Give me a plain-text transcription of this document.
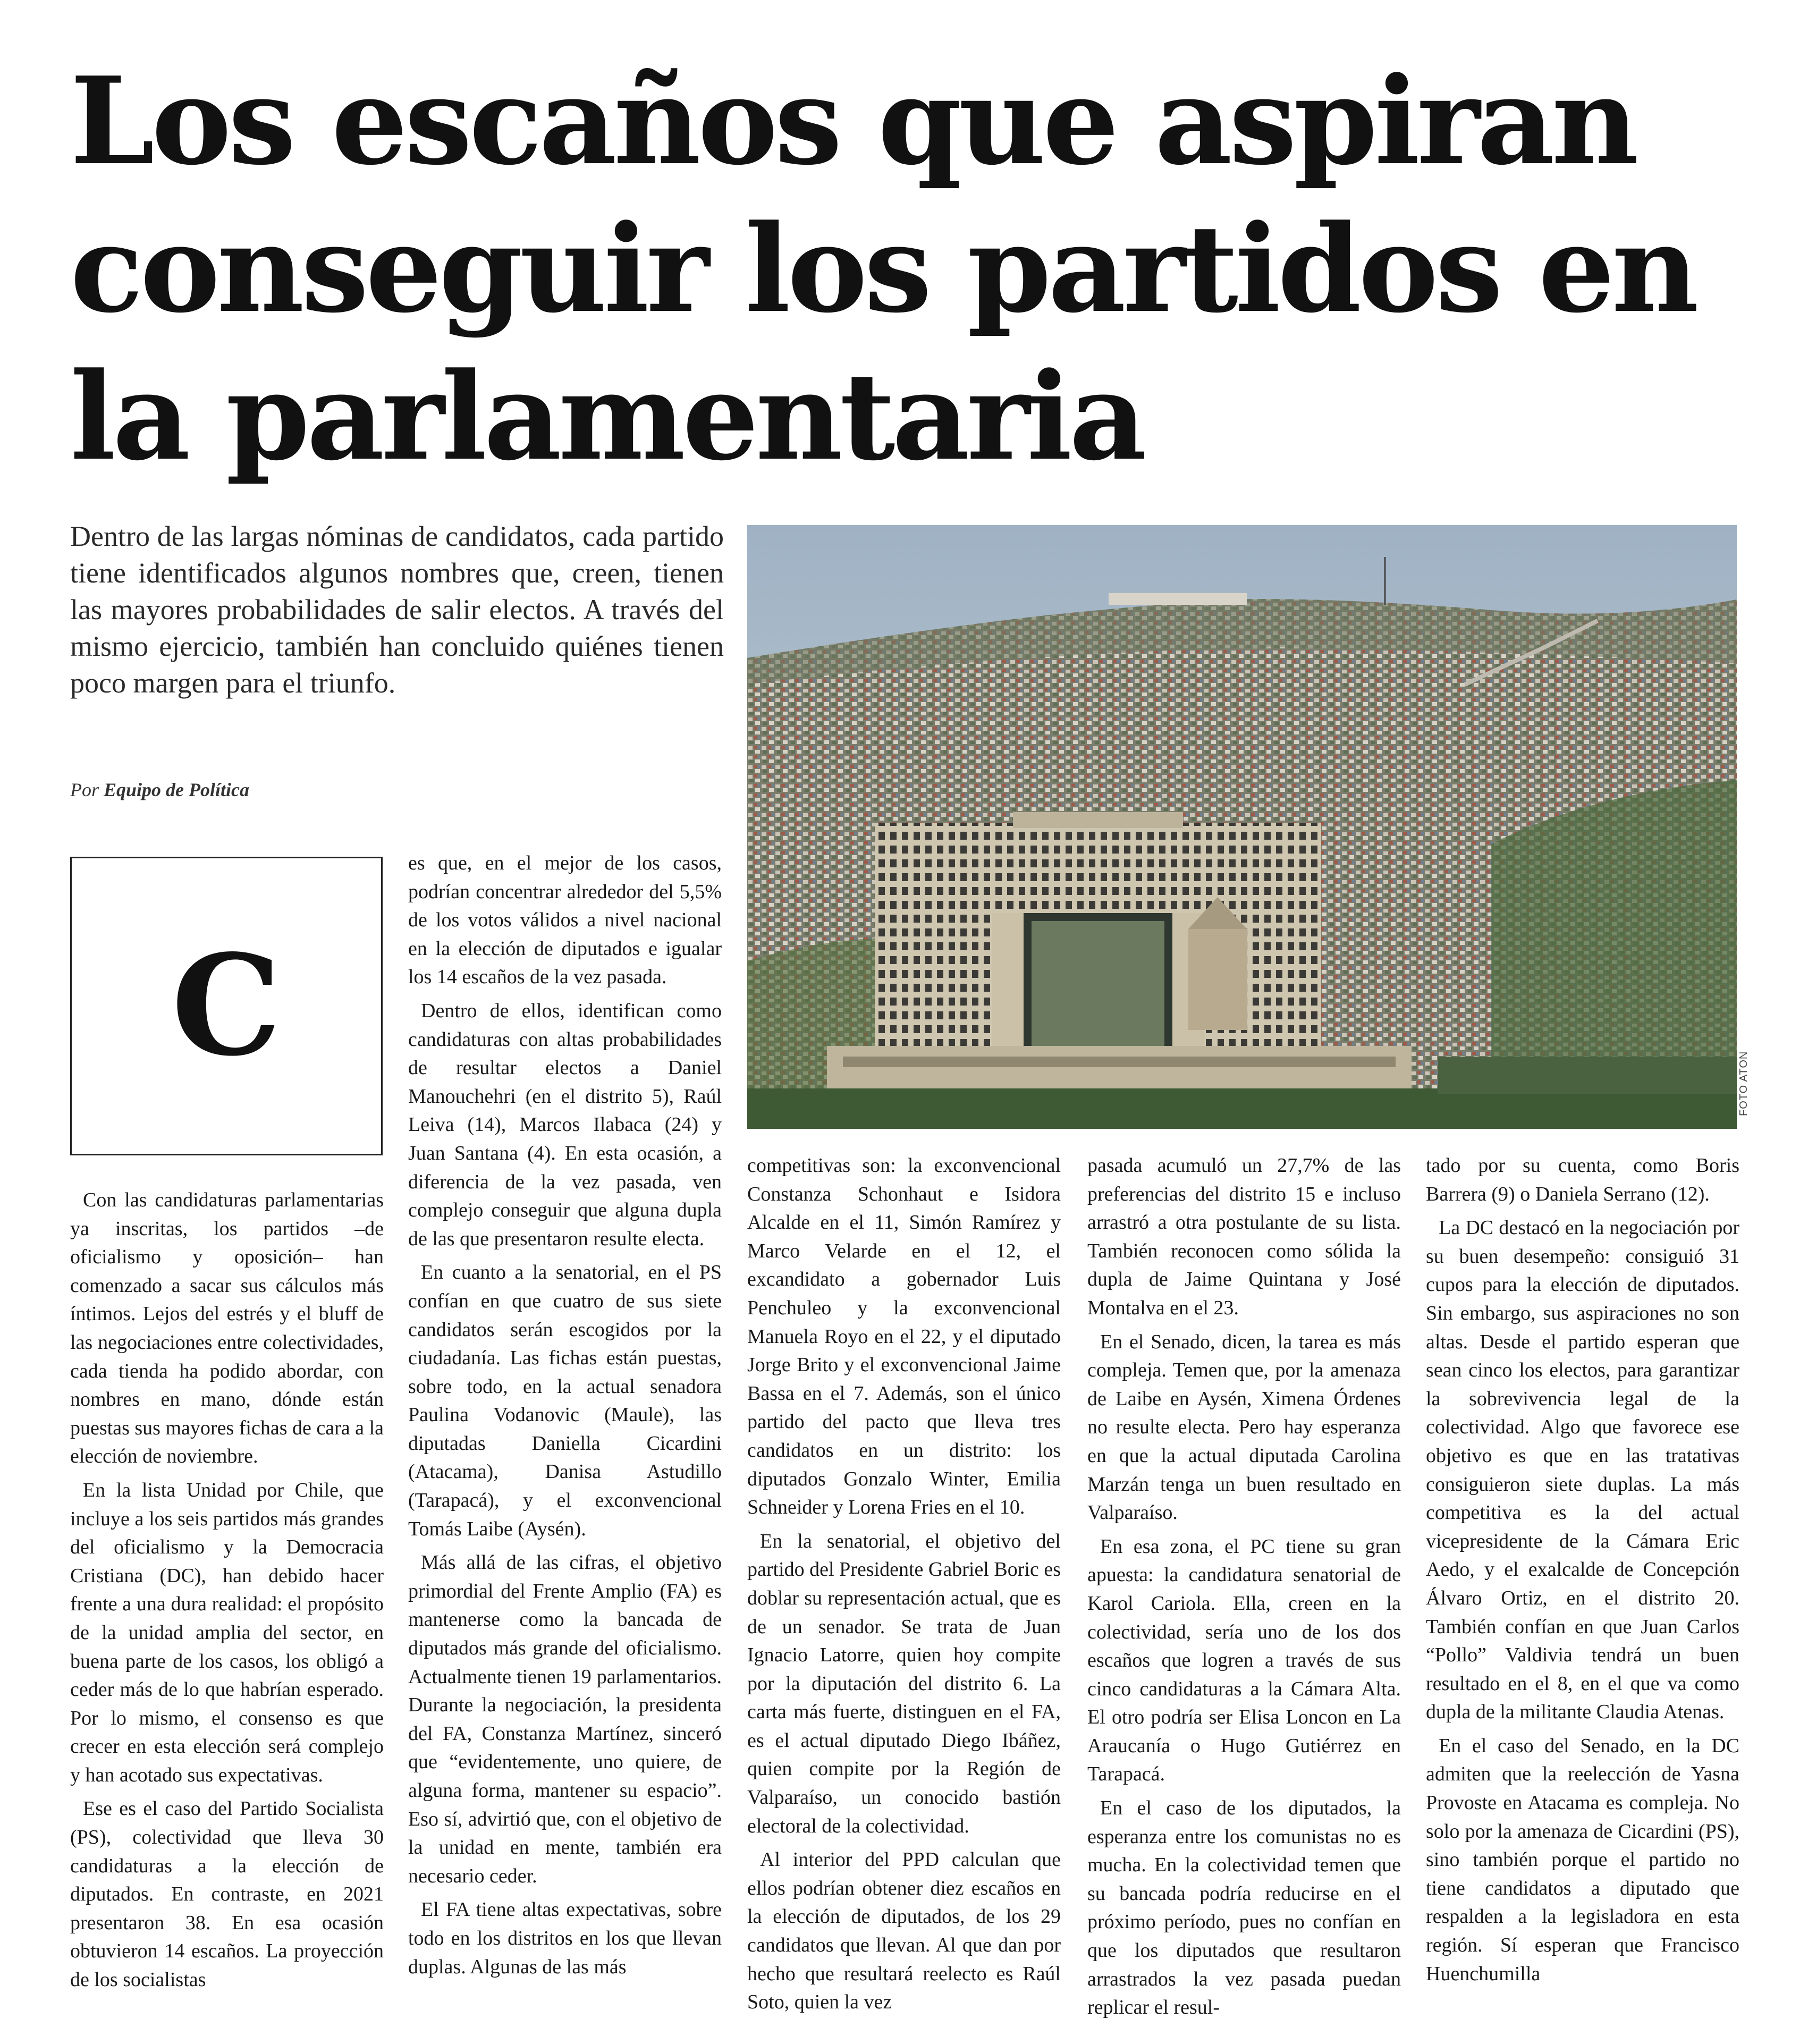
Los escaños que aspiran
conseguir los partidos en
la parlamentaria

Dentro de las largas nóminas de candidatos, cada partido tiene identificados algunos nombres que, creen, tienen las mayores probabilidades de salir electos. A través del mismo ejercicio, también han concluido quiénes tienen poco margen para el triunfo.

Por Equipo de Política
FOTO ATON
C

Con las candidaturas parlamentarias ya inscritas, los partidos –de oficialismo y oposición– han comenzado a sacar sus cálculos más íntimos. Lejos del estrés y el bluff de las negociaciones entre colectividades, cada tienda ha podido abordar, con nombres en mano, dónde están puestas sus mayores fichas de cara a la elección de noviembre.

En la lista Unidad por Chile, que incluye a los seis partidos más grandes del oficialismo y la Democracia Cristiana (DC), han debido hacer frente a una dura realidad: el propósito de la unidad amplia del sector, en buena parte de los casos, los obligó a ceder más de lo que habrían esperado. Por lo mismo, el consenso es que crecer en esta elección será complejo y han acotado sus expectativas.

Ese es el caso del Partido Socialista (PS), colectividad que lleva 30 candidaturas a la elección de diputados. En contraste, en 2021 presentaron 38. En esa ocasión obtuvieron 14 escaños. La proyección de los socialistas

es que, en el mejor de los casos, podrían concentrar alrededor del 5,5% de los votos válidos a nivel nacional en la elección de diputados e igualar los 14 escaños de la vez pasada.

Dentro de ellos, identifican como candidaturas con altas probabilidades de resultar electos a Daniel Manouchehri (en el distrito 5), Raúl Leiva (14), Marcos Ilabaca (24) y Juan Santana (4). En esta ocasión, a diferencia de la vez pasada, ven complejo conseguir que alguna dupla de las que presentaron resulte electa.

En cuanto a la senatorial, en el PS confían en que cuatro de sus siete candidatos serán escogidos por la ciudadanía. Las fichas están puestas, sobre todo, en la actual senadora Paulina Vodanovic (Maule), las diputadas Daniella Cicardini (Atacama), Danisa Astudillo (Tarapacá), y el exconvencional Tomás Laibe (Aysén).

Más allá de las cifras, el objetivo primordial del Frente Amplio (FA) es mantenerse como la bancada de diputados más grande del oficialismo. Actualmente tienen 19 parlamentarios. Durante la negociación, la presidenta del FA, Constanza Martínez, sinceró que “evidentemente, uno quiere, de alguna forma, mantener su espacio”. Eso sí, advirtió que, con el objetivo de la unidad en mente, también era necesario ceder.

El FA tiene altas expectativas, sobre todo en los distritos en los que llevan duplas. Algunas de las más

competitivas son: la exconvencional Constanza Schonhaut e Isidora Alcalde en el 11, Simón Ramírez y Marco Velarde en el 12, el excandidato a gobernador Luis Penchuleo y la exconvencional Manuela Royo en el 22, y el diputado Jorge Brito y el exconvencional Jaime Bassa en el 7. Además, son el único partido del pacto que lleva tres candidatos en un distrito: los diputados Gonzalo Winter, Emilia Schneider y Lorena Fries en el 10.

En la senatorial, el objetivo del partido del Presidente Gabriel Boric es doblar su representación actual, que es de un senador. Se trata de Juan Ignacio Latorre, quien hoy compite por la diputación del distrito 6. La carta más fuerte, distinguen en el FA, es el actual diputado Diego Ibáñez, quien compite por la Región de Valparaíso, un conocido bastión electoral de la colectividad.

Al interior del PPD calculan que ellos podrían obtener diez escaños en la elección de diputados, de los 29 candidatos que llevan. Al que dan por hecho que resultará reelecto es Raúl Soto, quien la vez

pasada acumuló un 27,7% de las preferencias del distrito 15 e incluso arrastró a otra postulante de su lista. También reconocen como sólida la dupla de Jaime Quintana y José Montalva en el 23.

En el Senado, dicen, la tarea es más compleja. Temen que, por la amenaza de Laibe en Aysén, Ximena Órdenes no resulte electa. Pero hay esperanza en que la actual diputada Carolina Marzán tenga un buen resultado en Valparaíso.

En esa zona, el PC tiene su gran apuesta: la candidatura senatorial de Karol Cariola. Ella, creen en la colectividad, sería uno de los dos escaños que logren a través de sus cinco candidaturas a la Cámara Alta. El otro podría ser Elisa Loncon en La Araucanía o Hugo Gutiérrez en Tarapacá.

En el caso de los diputados, la esperanza entre los comunistas no es mucha. En la colectividad temen que su bancada podría reducirse en el próximo período, pues no confían en que los diputados que resultaron arrastrados la vez pasada puedan replicar el resul-

tado por su cuenta, como Boris Barrera (9) o Daniela Serrano (12).

La DC destacó en la negociación por su buen desempeño: consiguió 31 cupos para la elección de diputados. Sin embargo, sus aspiraciones no son altas. Desde el partido esperan que sean cinco los electos, para garantizar la sobrevivencia legal de la colectividad. Algo que favorece ese objetivo es que en las tratativas consiguieron siete duplas. La más competitiva es la del actual vicepresidente de la Cámara Eric Aedo, y el exalcalde de Concepción Álvaro Ortiz, en el distrito 20. También confían en que Juan Carlos “Pollo” Valdivia tendrá un buen resultado en el 8, en el que va como dupla de la militante Claudia Atenas.

En el caso del Senado, en la DC admiten que la reelección de Yasna Provoste en Atacama es compleja. No solo por la amenaza de Cicardini (PS), sino también porque el partido no tiene candidatos a diputado que respalden a la legisladora en esta región. Sí esperan que Francisco Huenchumilla
